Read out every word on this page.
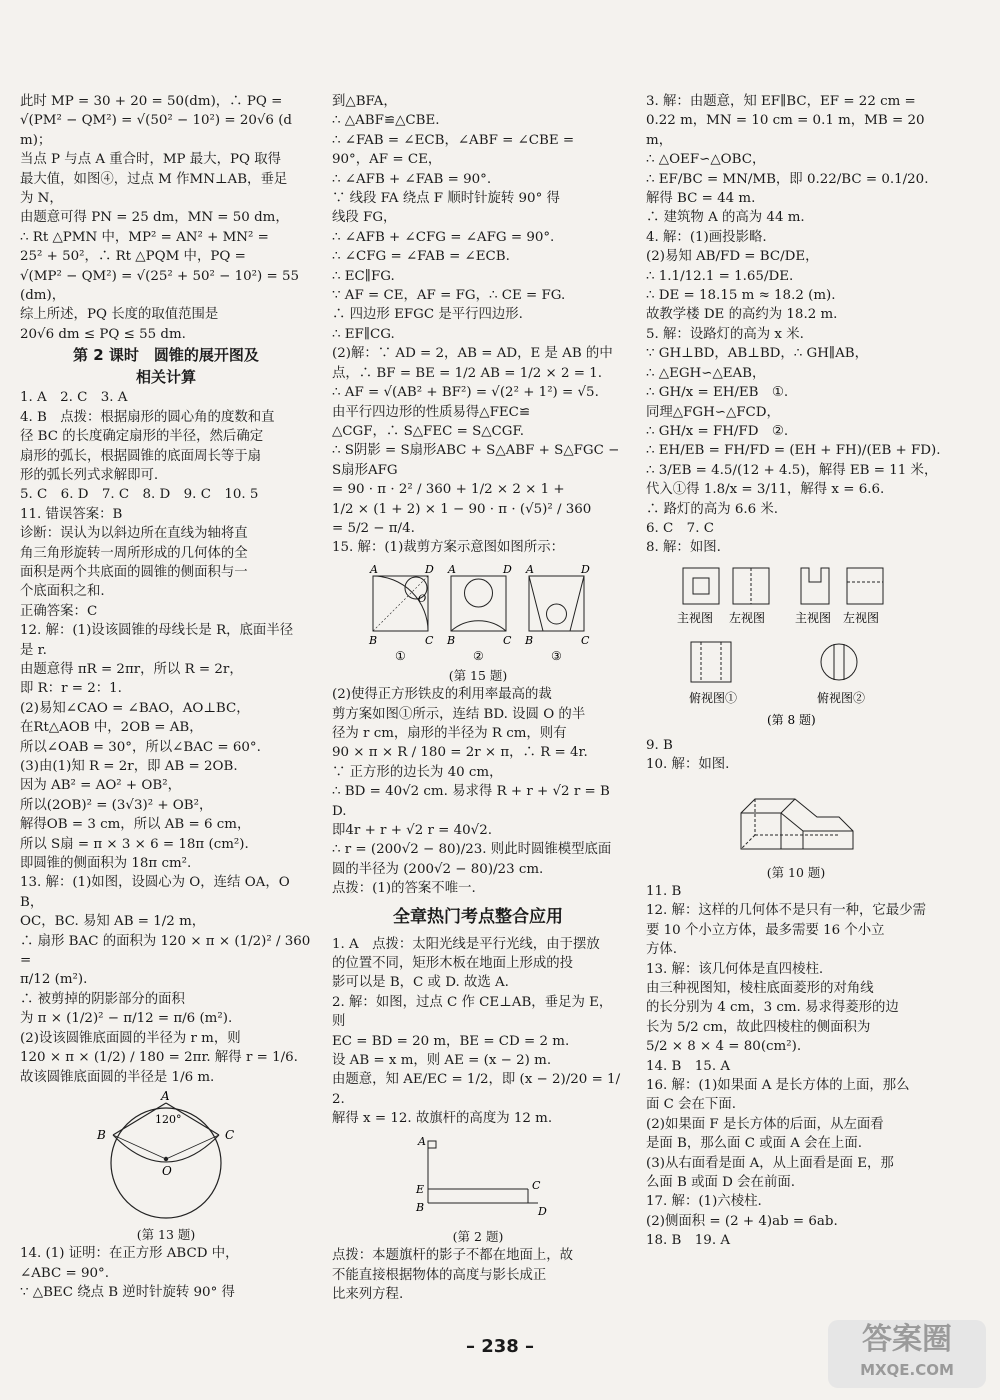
此时 MP = 30 + 20 = 50(dm)，∴ PQ =
√(PM² − QM²) = √(50² − 10²) = 20√6 (dm)；
当点 P 与点 A 重合时，MP 最大，PQ 取得
最大值，如图④，过点 M 作MN⊥AB，垂足
为 N，
由题意可得 PN = 25 dm，MN = 50 dm，
∴ Rt △PMN 中，MP² = AN² + MN² =
25² + 50²，∴ Rt △PQM 中，PQ =
√(MP² − QM²) = √(25² + 50² − 10²) = 55(dm)，
综上所述，PQ 长度的取值范围是
20√6 dm ≤ PQ ≤ 55 dm.
第 2 课时　圆锥的展开图及
相关计算
1. A　2. C　3. A
4. B　点拨：根据扇形的圆心角的度数和直
径 BC 的长度确定扇形的半径，然后确定
扇形的弧长，根据圆锥的底面周长等于扇
形的弧长列式求解即可.
5. C　6. D　7. C　8. D　9. C　10. 5
11. 错误答案：B
诊断：误认为以斜边所在直线为轴将直
角三角形旋转一周所形成的几何体的全
面积是两个共底面的圆锥的侧面积与一
个底面积之和.
正确答案：C
12. 解：(1)设该圆锥的母线长是 R，底面半径
是 r.
由题意得 πR = 2πr，所以 R = 2r，
即 R：r = 2：1.
(2)易知∠CAO = ∠BAO，AO⊥BC，
在Rt△AOB 中，2OB = AB，
所以∠OAB = 30°，所以∠BAC = 60°.
(3)由(1)知 R = 2r，即 AB = 2OB.
因为 AB² = AO² + OB²，
所以(2OB)² = (3√3)² + OB²，
解得OB = 3 cm，所以 AB = 6 cm，
所以 S扇 = π × 3 × 6 = 18π (cm²).
即圆锥的侧面积为 18π cm².
13. 解：(1)如图，设圆心为 O，连结 OA，OB，
OC，BC. 易知 AB = 1/2 m，
∴ 扇形 BAC 的面积为 120 × π × (1/2)² / 360 =
π/12 (m²).
∴ 被剪掉的阴影部分的面积
为 π × (1/2)² − π/12 = π/6 (m²).
(2)设该圆锥底面圆的半径为 r m，则
120 × π × (1/2) / 180 = 2πr. 解得 r = 1/6.
故该圆锥底面圆的半径是 1/6 m.
A
B	C
O
120°
(第 13 题)
14. (1) 证明：在正方形 ABCD 中，
∠ABC = 90°.
∵ △BEC 绕点 B 逆时针旋转 90° 得
到△BFA，
∴ △ABF≌△CBE.
∴ ∠FAB = ∠ECB，∠ABF = ∠CBE =
90°，AF = CE，
∴ ∠AFB + ∠FAB = 90°.
∵ 线段 FA 绕点 F 顺时针旋转 90° 得
线段 FG，
∴ ∠AFB + ∠CFG = ∠AFG = 90°.
∴ ∠CFG = ∠FAB = ∠ECB.
∴ EC∥FG.
∵ AF = CE，AF = FG，∴ CE = FG.
∴ 四边形 EFGC 是平行四边形.
∴ EF∥CG.
(2)解：∵ AD = 2，AB = AD，E 是 AB 的中
点，∴ BF = BE = 1/2 AB = 1/2 × 2 = 1.
∴ AF = √(AB² + BF²) = √(2² + 1²) = √5.
由平行四边形的性质易得△FEC≌
△CGF，∴ S△FEC = S△CGF.
∴ S阴影 = S扇形ABC + S△ABF + S△FGC − S扇形AFG
= 90 · π · 2² / 360 + 1/2 × 2 × 1 +
1/2 × (1 + 2) × 1 − 90 · π · (√5)² / 360
= 5/2 − π/4.
15. 解：(1)裁剪方案示意图如图所示：
A	D
B	C
O
A	D
B	C
A	D
B	C
①	②	③
(第 15 题)
(2)使得正方形铁皮的利用率最高的裁
剪方案如图①所示，连结 BD. 设圆 O 的半
径为 r cm，扇形的半径为 R cm，则有
90 × π × R / 180 = 2r × π，∴ R = 4r.
∵ 正方形的边长为 40 cm，
∴ BD = 40√2 cm. 易求得 R + r + √2 r = BD.
即4r + r + √2 r = 40√2.
∴ r = (200√2 − 80)/23. 则此时圆锥模型底面
圆的半径为 (200√2 − 80)/23 cm.
点拨：(1)的答案不唯一.
全章热门考点整合应用
1. A　点拨：太阳光线是平行光线，由于摆放
的位置不同，矩形木板在地面上形成的投
影可以是 B，C 或 D. 故选 A.
2. 解：如图，过点 C 作 CE⊥AB，垂足为 E，则
EC = BD = 20 m，BE = CD = 2 m.
设 AB = x m，则 AE = (x − 2) m.
由题意，知 AE/EC = 1/2，即 (x − 2)/20 = 1/2.
解得 x = 12. 故旗杆的高度为 12 m.
A
E
B
C
D
(第 2 题)
点拨：本题旗杆的影子不都在地面上，故
不能直接根据物体的高度与影长成正
比来列方程.
3. 解：由题意，知 EF∥BC，EF = 22 cm =
0.22 m，MN = 10 cm = 0.1 m，MB = 20 m，
∴ △OEF∽△OBC，
∴ EF/BC = MN/MB，即 0.22/BC = 0.1/20.
解得 BC = 44 m.
∴ 建筑物 A 的高为 44 m.
4. 解：(1)画投影略.
(2)易知 AB/FD = BC/DE，
∴ 1.1/12.1 = 1.65/DE.
∴ DE = 18.15 m ≈ 18.2 (m).
故教学楼 DE 的高约为 18.2 m.
5. 解：设路灯的高为 x 米.
∵ GH⊥BD，AB⊥BD，∴ GH∥AB，
∴ △EGH∽△EAB，
∴ GH/x = EH/EB　①.
同理△FGH∽△FCD，
∴ GH/x = FH/FD　②.
∴ EH/EB = FH/FD = (EH + FH)/(EB + FD).
∴ 3/EB = 4.5/(12 + 4.5)，解得 EB = 11 米，
代入①得 1.8/x = 3/11，解得 x = 6.6.
∴ 路灯的高为 6.6 米.
6. C　7. C
8. 解：如图.
主视图 左视图 主视图 左视图
俯视图①	俯视图②
(第 8 题)
9. B
10. 解：如图.
(第 10 题)
11. B
12. 解：这样的几何体不是只有一种，它最少需
要 10 个小立方体，最多需要 16 个小立
方体.
13. 解：该几何体是直四棱柱.
由三种视图知，棱柱底面菱形的对角线
的长分别为 4 cm，3 cm. 易求得菱形的边
长为 5/2 cm，故此四棱柱的侧面积为
5/2 × 8 × 4 = 80(cm²).
14. B　15. A
16. 解：(1)如果面 A 是长方体的上面，那么
面 C 会在下面.
(2)如果面 F 是长方体的后面，从左面看
是面 B，那么面 C 或面 A 会在上面.
(3)从右面看是面 A，从上面看是面 E，那
么面 B 或面 D 会在前面.
17. 解：(1)六棱柱.
(2)侧面积 = (2 + 4)ab = 6ab.
18. B　19. A
– 238 –	答案圈
MXQE.COM
